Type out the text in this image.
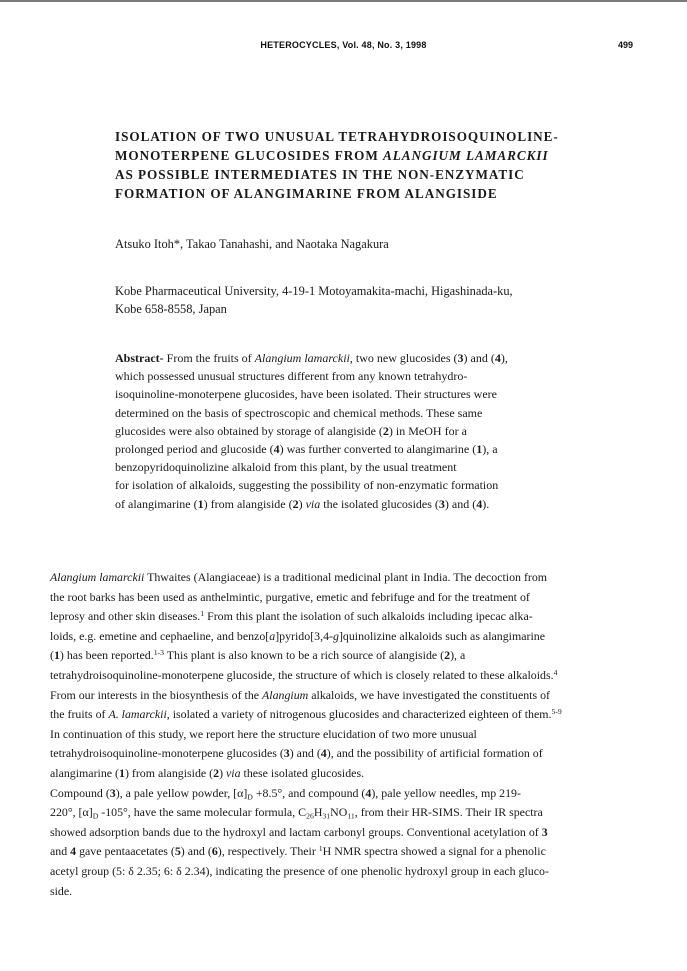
HETEROCYCLES, Vol. 48, No. 3, 1998	499
ISOLATION OF TWO UNUSUAL TETRAHYDROISOQUINOLINE-
MONOTERPENE GLUCOSIDES FROM ALANGIUM LAMARCKII
AS POSSIBLE INTERMEDIATES IN THE NON-ENZYMATIC
FORMATION OF ALANGIMARINE FROM ALANGISIDE

Atsuko Itoh*, Takao Tanahashi, and Naotaka Nagakura

Kobe Pharmaceutical University, 4-19-1 Motoyamakita-machi, Higashinada-ku,
Kobe 658-8558, Japan

Abstract- From the fruits of Alangium lamarckii, two new glucosides (3) and (4),
which possessed unusual structures different from any known tetrahydro-
isoquinoline-monoterpene glucosides, have been isolated. Their structures were
determined on the basis of spectroscopic and chemical methods. These same
glucosides were also obtained by storage of alangiside (2) in MeOH for a
prolonged period and glucoside (4) was further converted to alangimarine (1), a
benzopyridoquinolizine alkaloid from this plant, by the usual treatment
for isolation of alkaloids, suggesting the possibility of non-enzymatic formation
of alangimarine (1) from alangiside (2) via the isolated glucosides (3) and (4).
Alangium lamarckii Thwaites (Alangiaceae) is a traditional medicinal plant in India. The decoction from
the root barks has been used as anthelmintic, purgative, emetic and febrifuge and for the treatment of
leprosy and other skin diseases.$^1$ From this plant the isolation of such alkaloids including ipecac alka-
loids, e.g. emetine and cephaeline, and benzo[a]pyrido[3,4-g]quinolizine alkaloids such as alangimarine
(1) has been reported.$^{1-3}$ This plant is also known to be a rich source of alangiside (2), a
tetrahydroisoquinoline-monoterpene glucoside, the structure of which is closely related to these alkaloids.$^4$
From our interests in the biosynthesis of the Alangium alkaloids, we have investigated the constituents of
the fruits of A. lamarckii, isolated a variety of nitrogenous glucosides and characterized eighteen of them.$^{5-9}$
In continuation of this study, we report here the structure elucidation of two more unusual
tetrahydroisoquinoline-monoterpene glucosides (3) and (4), and the possibility of artificial formation of
alangimarine (1) from alangiside (2) via these isolated glucosides.
Compound (3), a pale yellow powder, $[\alpha]_D +8.5^\circ$, and compound (4), pale yellow needles, mp 219-
220°, $[\alpha]_D$ -105°, have the same molecular formula, $C_{26}H_{31}NO_{11}$, from their HR-SIMS. Their IR spectra
showed adsorption bands due to the hydroxyl and lactam carbonyl groups. Conventional acetylation of 3
and 4 gave pentaacetates (5) and (6), respectively. Their $^1$H NMR spectra showed a signal for a phenolic
acetyl group (5: δ 2.35; 6: δ 2.34), indicating the presence of one phenolic hydroxyl group in each gluco-
side.
